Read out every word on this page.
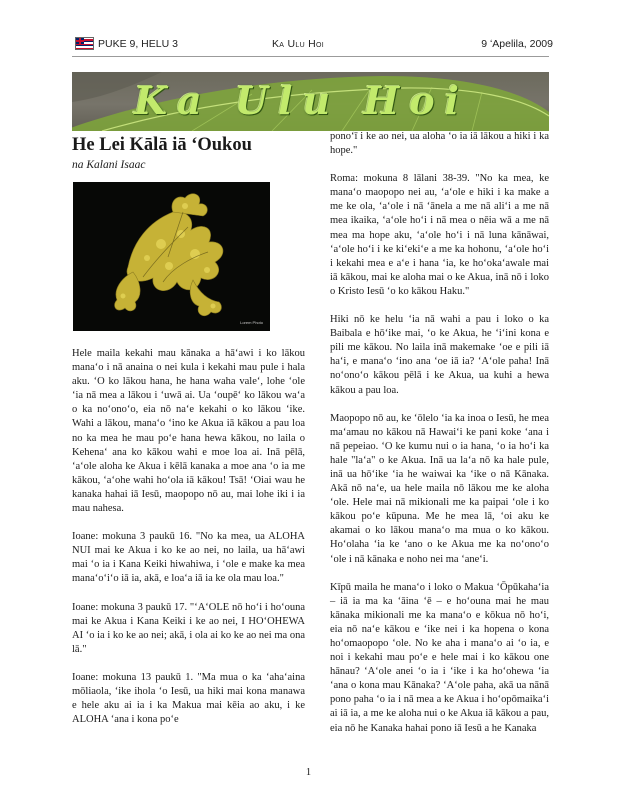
PUKE 9, HELU 3	Ka Ulu Hoi	9 ʻApelila, 2009
Ka Ulu Hoi
He Lei Kālā iā ʻOukou
na Kalani Isaac
Lorem Photo

Hele maila kekahi mau kānaka a hāʻawi i ko lākou manaʻo i nā anaina o nei kula i kekahi mau pule i hala aku. ʻO ko lākou hana, he hana waha valeʻ, lohe ʻole ʻia nā mea a lākou i ʻuwā ai. Ua ʻoupēʻ ko lākou waʻa o ka noʻonoʻo, eia nō naʻe kekahi o ko lākou ʻike. Wahi a lākou, manaʻo ʻino ke Akua iā kākou a pau loa no ka mea he mau poʻe hana hewa kākou, no laila o Kehenaʻ ana ko kākou wahi e moe loa ai. Inā pēlā, ʻaʻole aloha ke Akua i kēlā kanaka a moe ana ʻo ia me kākou, ʻaʻohe wahi hoʻola iā kākou! Tsā! ʻOiai wau he kanaka hahai iā Iesū, maopopo nō au, mai lohe iki i ia mau nahesa.

Ioane: mokuna 3 paukū 16. "No ka mea, ua ALOHA NUI mai ke Akua i ko ke ao nei, no laila, ua hāʻawi mai ʻo ia i Kana Keiki hiwahiwa, i ʻole e make ka mea manaʻoʻiʻo iā ia, akā, e loaʻa iā ia ke ola mau loa."

Ioane: mokuna 3 paukū 17. "ʻAʻOLE nō hoʻi i hoʻouna mai ke Akua i Kana Keiki i ke ao nei, I HOʻOHEWA AI ʻo ia i ko ke ao nei; akā, i ola ai ko ke ao nei ma ona lā."

Ioane: mokuna 13 paukū 1. "Ma mua o ka ʻahaʻaina mōliaola, ʻike ihola ʻo Iesū, ua hiki mai kona manawa e hele aku ai ia i ka Makua mai kēia ao aku, i ke ALOHA ʻana i kona poʻe

ponoʻī i ke ao nei, ua aloha ʻo ia iā lākou a hiki i ka hope."

Roma: mokuna 8 lālani 38-39. "No ka mea, ke manaʻo maopopo nei au, ʻaʻole e hiki i ka make a me ke ola, ʻaʻole i nā ʻānela a me nā aliʻi a me nā mea ikaika, ʻaʻole hoʻi i nā mea o nēia wā a me nā mea ma hope aku, ʻaʻole hoʻi i nā luna kānāwai, ʻaʻole hoʻi i ke kiʻekiʻe a me ka hohonu, ʻaʻole hoʻi i kekahi mea e aʻe i hana ʻia, ke hoʻokaʻawale mai iā kākou, mai ke aloha mai o ke Akua, inā nō i loko o Kristo Iesū ʻo ko kākou Haku."

Hiki nō ke helu ʻia nā wahi a pau i loko o ka Baibala e hōʻike mai, ʻo ke Akua, he ʻiʻini kona e pili me kākou. No laila inā makemake ʻoe e pili iā haʻi, e manaʻo ʻino ana ʻoe iā ia? ʻAʻole paha! Inā noʻonoʻo kākou pēlā i ke Akua, ua kuhi a hewa kākou a pau loa.

Maopopo nō au, ke ʻōlelo ʻia ka inoa o Iesū, he mea maʻamau no kākou nā Hawaiʻi ke pani koke ʻana i nā pepeiao. ʻO ke kumu nui o ia hana, ʻo ia hoʻi ka hale "laʻa" o ke Akua. Inā ua laʻa nō ka hale pule, inā ua hōʻike ʻia he waiwai ka ʻike o nā Kānaka. Akā nō naʻe, ua hele maila nō lākou me ke aloha ʻole. Hele mai nā mikionali me ka paipai ʻole i ko kākou poʻe kūpuna. Me he mea lā, ʻoi aku ke akamai o ko lākou manaʻo ma mua o ko kākou. Hoʻolaha ʻia ke ʻano o ke Akua me ka noʻonoʻo ʻole i nā kānaka e noho nei ma ʻaneʻi.

Kīpū maila he manaʻo i loko o Makua ʻŌpūkahaʻia – iā ia ma ka ʻāina ʻē – e hoʻouna mai he mau kānaka mikionali me ka manaʻo e kōkua nō hoʻi, eia nō naʻe kākou e ʻike nei i ka hopena o kona hoʻomaopopo ʻole. No ke aha i manaʻo ai ʻo ia, e noi i kekahi mau poʻe e hele mai i ko kākou one hānau? ʻAʻole anei ʻo ia i ʻike i ka hoʻohewa ʻia ʻana o kona mau Kānaka? ʻAʻole paha, akā ua nānā pono paha ʻo ia i nā mea a ke Akua i hoʻopōmaikaʻi ai iā ia, a me ke aloha nui o ke Akua iā kākou a pau, eia nō he Kanaka hahai pono iā Iesū a he Kanaka

1
